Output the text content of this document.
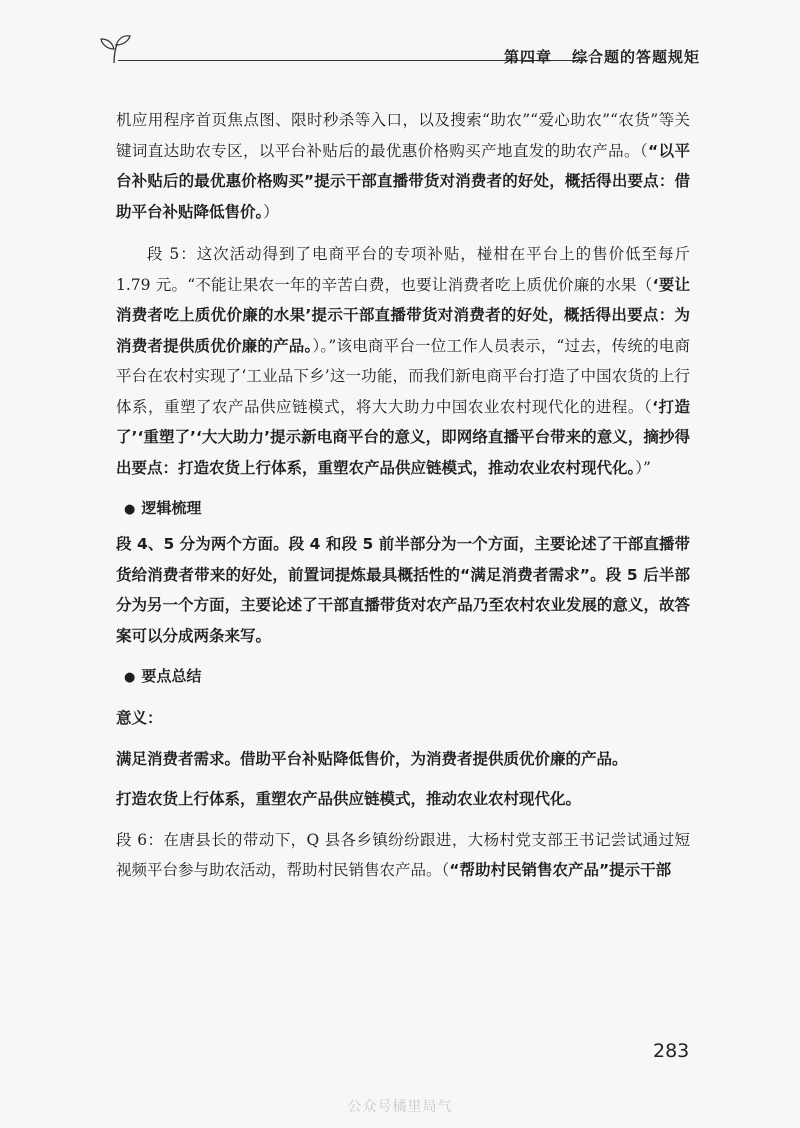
第四章 综合题的答题规矩

机应用程序首页焦点图、限时秒杀等入口，以及搜索“助农”“爱心助农”“农货”等关键词直达助农专区，以平台补贴后的最优惠价格购买产地直发的助农产品。（“以平台补贴后的最优惠价格购买”提示干部直播带货对消费者的好处，概括得出要点：借助平台补贴降低售价。）

段 5：这次活动得到了电商平台的专项补贴，椪柑在平台上的售价低至每斤 1.79 元。“不能让果农一年的辛苦白费，也要让消费者吃上质优价廉的水果（‘要让消费者吃上质优价廉的水果’提示干部直播带货对消费者的好处，概括得出要点：为消费者提供质优价廉的产品。）。”该电商平台一位工作人员表示，“过去，传统的电商平台在农村实现了‘工业品下乡’这一功能，而我们新电商平台打造了中国农货的上行体系，重塑了农产品供应链模式，将大大助力中国农业农村现代化的进程。（‘打造了’‘重塑了’‘大大助力’提示新电商平台的意义，即网络直播平台带来的意义，摘抄得出要点：打造农货上行体系，重塑农产品供应链模式，推动农业农村现代化。）”

● 逻辑梳理

段 4、5 分为两个方面。段 4 和段 5 前半部分为一个方面，主要论述了干部直播带货给消费者带来的好处，前置词提炼最具概括性的“满足消费者需求”。段 5 后半部分为另一个方面，主要论述了干部直播带货对农产品乃至农村农业发展的意义，故答案可以分成两条来写。

● 要点总结

意义：

满足消费者需求。借助平台补贴降低售价，为消费者提供质优价廉的产品。

打造农货上行体系，重塑农产品供应链模式，推动农业农村现代化。

段 6：在唐县长的带动下，Q 县各乡镇纷纷跟进，大杨村党支部王书记尝试通过短视频平台参与助农活动，帮助村民销售农产品。（“帮助村民销售农产品”提示干部

283
公众号橘里局气
